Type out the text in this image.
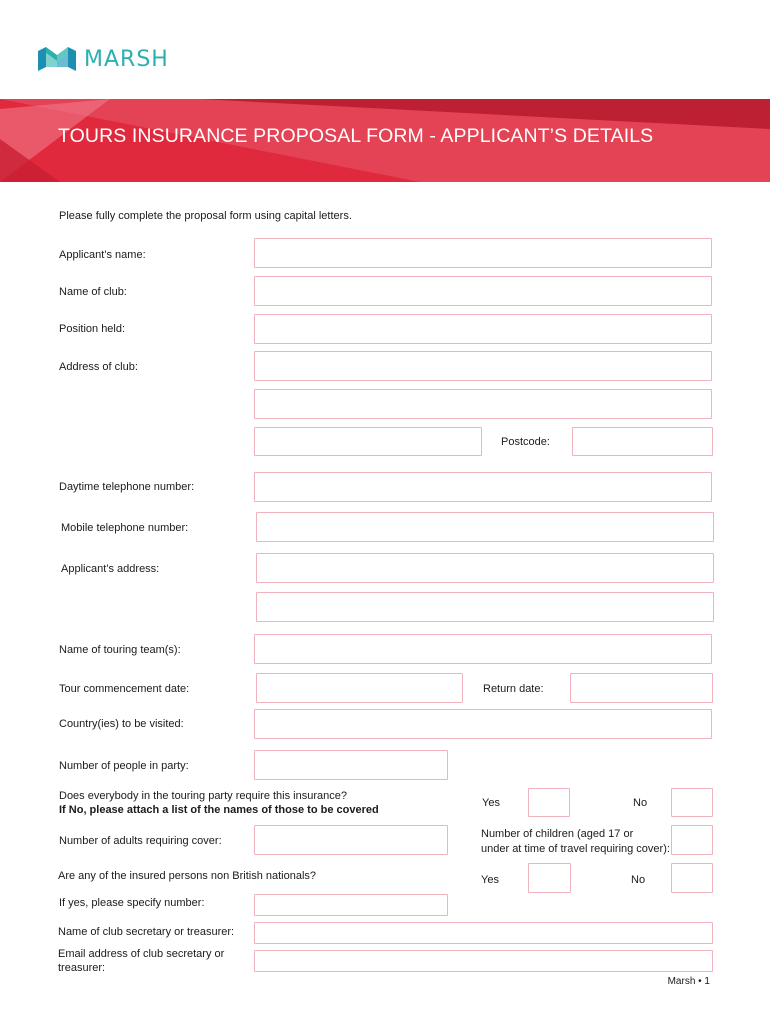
MARSH
TOURS INSURANCE PROPOSAL FORM - APPLICANT’S DETAILS
Please fully complete the proposal form using capital letters.
Applicant’s name:
Name of club:
Position held:
Address of club:
Postcode:
Daytime telephone number:
Mobile telephone number:
Applicant’s address:
Name of touring team(s):
Tour commencement date:	Return date:
Country(ies) to be visited:
Number of people in party:
Does everybody in the touring party require this insurance?
If No, please attach a list of the names of those to be covered
Yes	No
Number of adults requiring cover:
Number of children (aged 17 or
under at time of travel requiring cover):
Are any of the insured persons non British nationals?	Yes	No
If yes, please specify number:
Name of club secretary or treasurer:
Email address of club secretary or
treasurer:
Marsh • 1
